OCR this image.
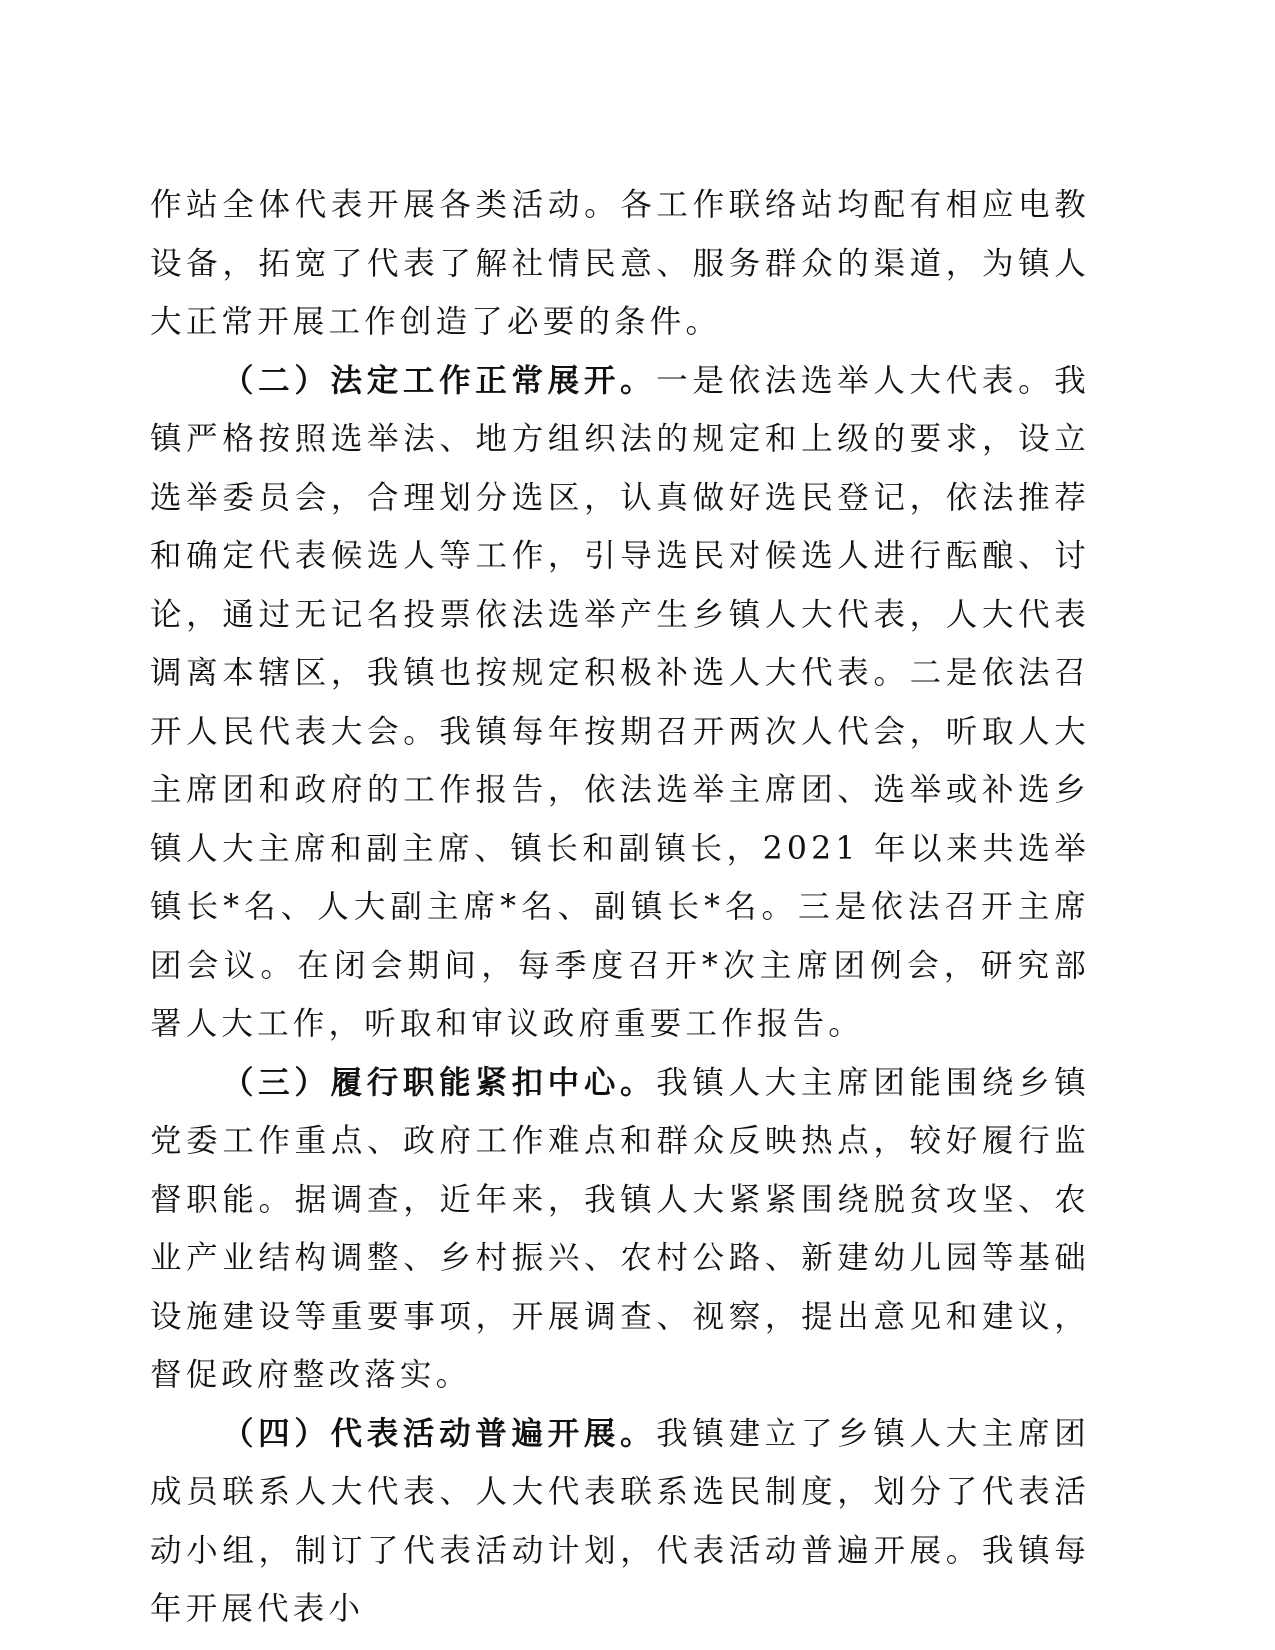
作站全体代表开展各类活动。各工作联络站均配有相应电教设备，拓宽了代表了解社情民意、服务群众的渠道，为镇人大正常开展工作创造了必要的条件。

（二）法定工作正常展开。一是依法选举人大代表。我镇严格按照选举法、地方组织法的规定和上级的要求，设立选举委员会，合理划分选区，认真做好选民登记，依法推荐和确定代表候选人等工作，引导选民对候选人进行酝酿、讨论，通过无记名投票依法选举产生乡镇人大代表，人大代表调离本辖区，我镇也按规定积极补选人大代表。二是依法召开人民代表大会。我镇每年按期召开两次人代会，听取人大主席团和政府的工作报告，依法选举主席团、选举或补选乡镇人大主席和副主席、镇长和副镇长，2021 年以来共选举镇长*名、人大副主席*名、副镇长*名。三是依法召开主席团会议。在闭会期间，每季度召开*次主席团例会，研究部署人大工作，听取和审议政府重要工作报告。

（三）履行职能紧扣中心。我镇人大主席团能围绕乡镇党委工作重点、政府工作难点和群众反映热点，较好履行监督职能。据调查，近年来，我镇人大紧紧围绕脱贫攻坚、农业产业结构调整、乡村振兴、农村公路、新建幼儿园等基础设施建设等重要事项，开展调查、视察，提出意见和建议，督促政府整改落实。

（四）代表活动普遍开展。我镇建立了乡镇人大主席团成员联系人大代表、人大代表联系选民制度，划分了代表活动小组，制订了代表活动计划，代表活动普遍开展。我镇每年开展代表小
